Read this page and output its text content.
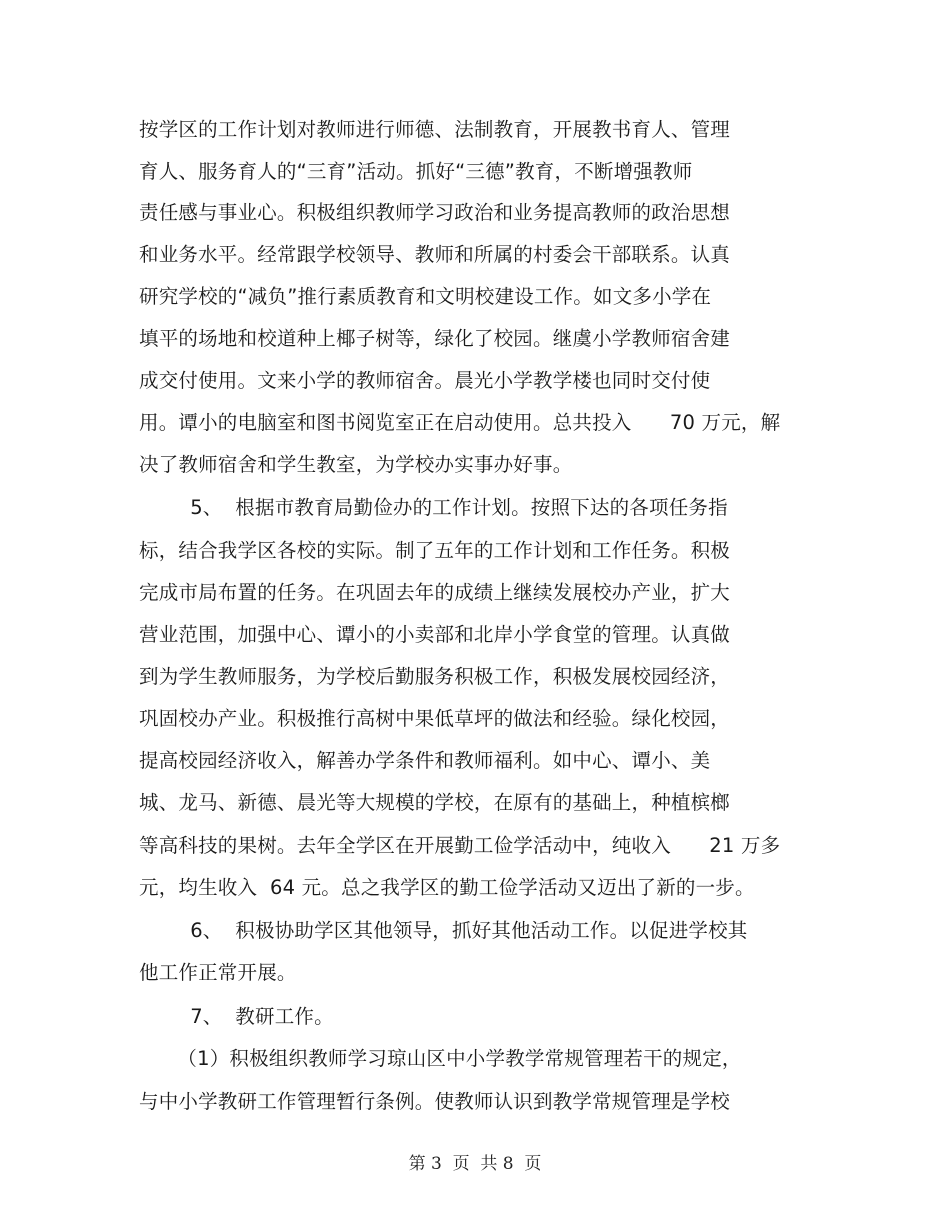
按学区的工作计划对教师进行师德、法制教育，开展教书育人、管理
育人、服务育人的“三育”活动。抓好“三德”教育，不断增强教师
责任感与事业心。积极组织教师学习政治和业务提高教师的政治思想
和业务水平。经常跟学校领导、教师和所属的村委会干部联系。认真
研究学校的“减负”推行素质教育和文明校建设工作。如文多小学在
填平的场地和校道种上椰子树等，绿化了校园。继虞小学教师宿舍建
成交付使用。文来小学的教师宿舍。晨光小学教学楼也同时交付使
用。谭小的电脑室和图书阅览室正在启动使用。总共投入      70 万元，解
决了教师宿舍和学生教室，为学校办实事办好事。
5、  根据市教育局勤俭办的工作计划。按照下达的各项任务指
标，结合我学区各校的实际。制了五年的工作计划和工作任务。积极
完成市局布置的任务。在巩固去年的成绩上继续发展校办产业，扩大
营业范围，加强中心、谭小的小卖部和北岸小学食堂的管理。认真做
到为学生教师服务，为学校后勤服务积极工作，积极发展校园经济，
巩固校办产业。积极推行高树中果低草坪的做法和经验。绿化校园，
提高校园经济收入，解善办学条件和教师福利。如中心、谭小、美
城、龙马、新德、晨光等大规模的学校，在原有的基础上，种植槟榔
等高科技的果树。去年全学区在开展勤工俭学活动中，纯收入      21 万多
元，均生收入  64 元。总之我学区的勤工俭学活动又迈出了新的一步。
6、  积极协助学区其他领导，抓好其他活动工作。以促进学校其
他工作正常开展。
7、  教研工作。
（1）积极组织教师学习琼山区中小学教学常规管理若干的规定，
与中小学教研工作管理暂行条例。使教师认识到教学常规管理是学校
第 3  页  共 8  页
